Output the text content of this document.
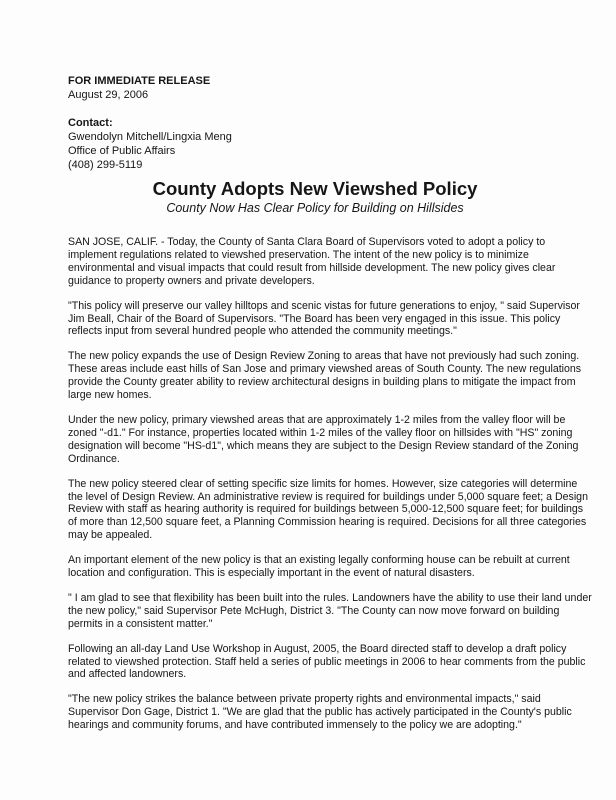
FOR IMMEDIATE RELEASE
August 29, 2006
Contact:
Gwendolyn Mitchell/Lingxia Meng
Office of Public Affairs
(408) 299-5119
County Adopts New Viewshed Policy

County Now Has Clear Policy for Building on Hillsides

SAN JOSE, CALIF. - Today, the County of Santa Clara Board of Supervisors voted to adopt a policy to implement regulations related to viewshed preservation. The intent of the new policy is to minimize environmental and visual impacts that could result from hillside development. The new policy gives clear guidance to property owners and private developers.

"This policy will preserve our valley hilltops and scenic vistas for future generations to enjoy, " said Supervisor Jim Beall, Chair of the Board of Supervisors. "The Board has been very engaged in this issue. This policy reflects input from several hundred people who attended the community meetings."

The new policy expands the use of Design Review Zoning to areas that have not previously had such zoning. These areas include east hills of San Jose and primary viewshed areas of South County. The new regulations provide the County greater ability to review architectural designs in building plans to mitigate the impact from large new homes.

Under the new policy, primary viewshed areas that are approximately 1-2 miles from the valley floor will be zoned "-d1." For instance, properties located within 1-2 miles of the valley floor on hillsides with "HS" zoning designation will become "HS-d1", which means they are subject to the Design Review standard of the Zoning Ordinance.

The new policy steered clear of setting specific size limits for homes. However, size categories will determine the level of Design Review. An administrative review is required for buildings under 5,000 square feet; a Design Review with staff as hearing authority is required for buildings between 5,000-12,500 square feet; for buildings of more than 12,500 square feet, a Planning Commission hearing is required. Decisions for all three categories may be appealed.

An important element of the new policy is that an existing legally conforming house can be rebuilt at current location and configuration. This is especially important in the event of natural disasters.

" I am glad to see that flexibility has been built into the rules. Landowners have the ability to use their land under the new policy," said Supervisor Pete McHugh, District 3. "The County can now move forward on building permits in a consistent matter."

Following an all-day Land Use Workshop in August, 2005, the Board directed staff to develop a draft policy related to viewshed protection. Staff held a series of public meetings in 2006 to hear comments from the public and affected landowners.

"The new policy strikes the balance between private property rights and environmental impacts," said Supervisor Don Gage, District 1. "We are glad that the public has actively participated in the County's public hearings and community forums, and have contributed immensely to the policy we are adopting."
